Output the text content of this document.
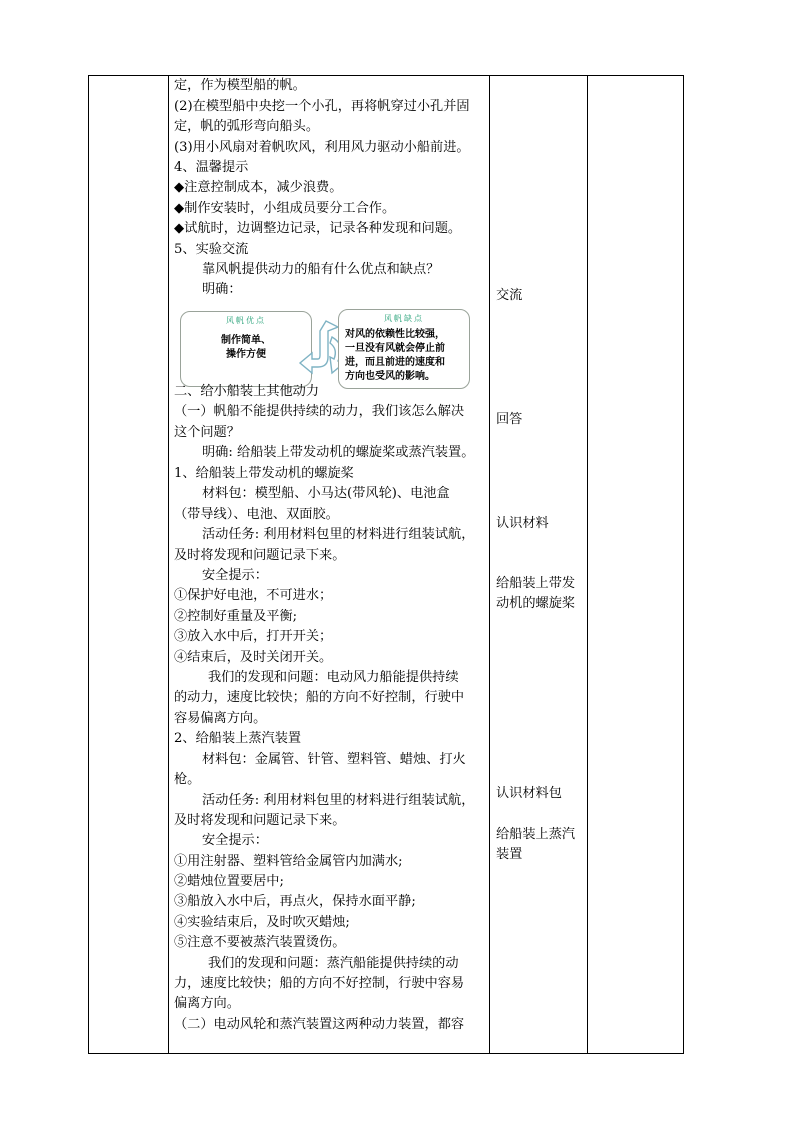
风帆优点
制作简单、
操作方便
风帆缺点
对风的依赖性比较强，
一旦没有风就会停止前
进，而且前进的速度和
方向也受风的影响。
定，作为模型船的帆。
(2)在模型船中央挖一个小孔，再将帆穿过小孔并固
定，帆的弧形弯向船头。
(3)用小风扇对着帆吹风，利用风力驱动小船前进。
4、温馨提示
◆注意控制成本，减少浪费。
◆制作安装时，小组成员要分工合作。
◆试航时，边调整边记录，记录各种发现和问题。
5、实验交流
靠风帆提供动力的船有什么优点和缺点？
明确：
二、给小船装上其他动力
（一）帆船不能提供持续的动力，我们该怎么解决
这个问题？
明确: 给船装上带发动机的螺旋桨或蒸汽装置。
1、给船装上带发动机的螺旋桨
材料包：模型船、小马达(带风轮)、电池盒
（带导线）、电池、双面胶。
活动任务: 利用材料包里的材料进行组装试航，
及时将发现和问题记录下来。
安全提示：
①保护好电池，不可进水；
②控制好重量及平衡;
③放入水中后，打开开关；
④结束后，及时关闭开关。
我们的发现和问题：电动风力船能提供持续
的动力，速度比较快；船的方向不好控制，行驶中
容易偏离方向。
2、给船装上蒸汽装置
材料包：金属管、针管、塑料管、蜡烛、打火
枪。
活动任务: 利用材料包里的材料进行组装试航，
及时将发现和问题记录下来。
安全提示：
①用注射器、塑料管给金属管内加满水;
②蜡烛位置要居中;
③船放入水中后，再点火，保持水面平静;
④实验结束后，及时吹灭蜡烛;
⑤注意不要被蒸汽装置烫伤。
我们的发现和问题：蒸汽船能提供持续的动
力，速度比较快；船的方向不好控制，行驶中容易
偏离方向。
（二）电动风轮和蒸汽装置这两种动力装置，都容
交流
回答
认识材料
给船装上带发
动机的螺旋桨
认识材料包
给船装上蒸汽
装置
